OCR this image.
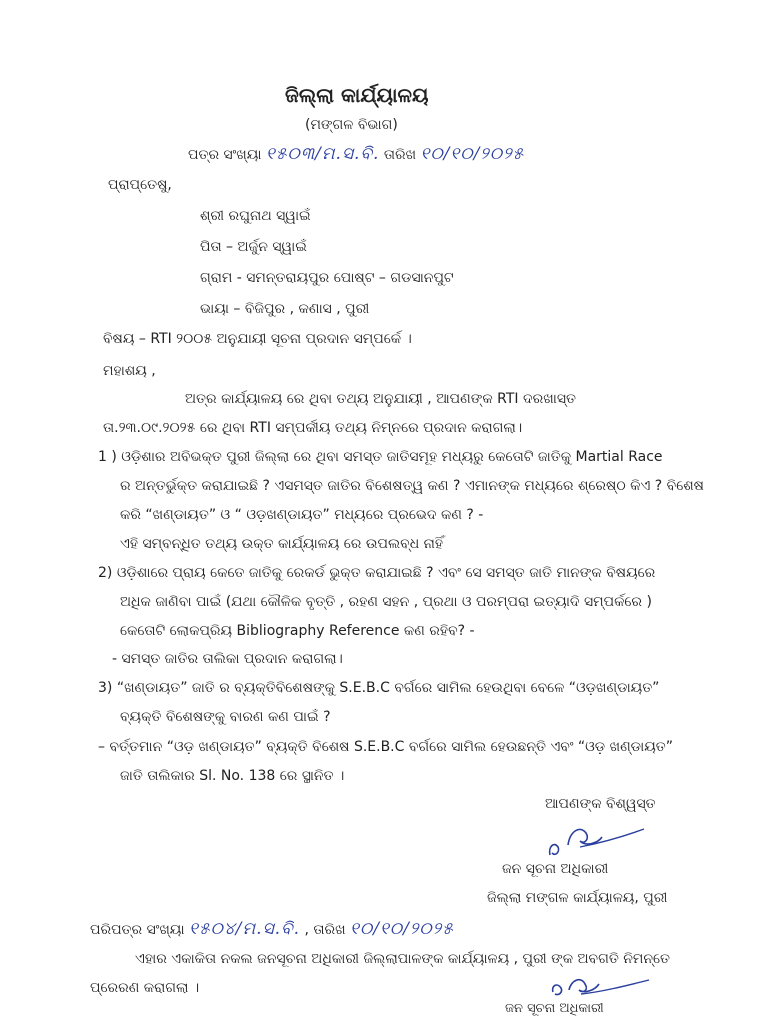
ଜିଲ୍ଲା କାର୍ଯ୍ୟାଳୟ
(ମଙ୍ଗଳ ବିଭାଗ)
ପତ୍ର ସଂଖ୍ୟା ୧୫୦୩/ମ.ସ.ବି. ତାରିଖ ୧୦/୧୦/୨୦୨୫
ପ୍ରାପ୍ତେଷୁ,
ଶ୍ରୀ ରଘୁନାଥ ସ୍ୱାଇଁ
ପିତା – ଅର୍ଜୁନ ସ୍ୱାଇଁ
ଗ୍ରାମ - ସମନ୍ତରାୟପୁର ପୋଷ୍ଟ – ଗଡସାନପୁଟ
ଭାୟା – ବିଜିପୁର , କଣାସ , ପୁରୀ
ବିଷୟ – RTI ୨୦୦୫ ଅନୁଯାୟୀ ସୂଚନା ପ୍ରଦାନ ସମ୍ପର୍କେ ।
ମହାଶୟ ,
ଅତ୍ର କାର୍ଯ୍ୟାଳୟ ରେ ଥିବା ତଥ୍ୟ ଅନୁଯାୟୀ , ଆପଣଙ୍କ RTI ଦରଖାସ୍ତ
ତା.୨୩.୦୯.୨୦୨୫ ରେ ଥିବା RTI ସମ୍ପର୍କୀୟ ତଥ୍ୟ ନିମ୍ନରେ ପ୍ରଦାନ କରାଗଲା।
1 ) ଓଡ଼ିଶାର ଅବିଭକ୍ତ ପୁରୀ ଜିଲ୍ଲା ରେ ଥିବା ସମସ୍ତ ଜାତିସମୂହ ମଧ୍ୟରୁ କେତୋଟି ଜାତିକୁ Martial Race
ର ଅନ୍ତର୍ଭୁକ୍ତ କରାଯାଇଛି ? ଏସମସ୍ତ ଜାତିର ବିଶେଷତ୍ୱ କଣ ? ଏମାନଙ୍କ ମଧ୍ୟରେ ଶ୍ରେଷ୍ଠ କିଏ ? ବିଶେଷ
କରି “ଖଣ୍ଡାୟତ” ଓ “ ଓଡ଼ଖଣ୍ଡାୟତ” ମଧ୍ୟରେ ପ୍ରଭେଦ କଣ ? -
ଏହି ସମ୍ବନ୍ଧିତ ତଥ୍ୟ ଉକ୍ତ କାର୍ଯ୍ୟାଳୟ ରେ ଉପଲବ୍ଧ ନାହିଁ
2) ଓଡ଼ିଶାରେ ପ୍ରାୟ କେତେ ଜାତିକୁ ରେକର୍ଡ ଭୁକ୍ତ କରାଯାଇଛି ? ଏବଂ ସେ ସମସ୍ତ ଜାତି ମାନଙ୍କ ବିଷୟରେ
ଅଧିକ ଜାଣିବା ପାଇଁ (ଯଥା କୌଳିକ ବୃତ୍ତି , ରହଣ ସହନ , ପ୍ରଥା ଓ ପରମ୍ପରା ଇତ୍ୟାଦି ସମ୍ପର୍କରେ )
କେତୋଟି ଲୋକପ୍ରିୟ Bibliography Reference କଣ ରହିବ? -
- ସମସ୍ତ ଜାତିର ତାଲିକା ପ୍ରଦାନ କରାଗଲା।
3) “ଖଣ୍ଡାୟତ” ଜାତି ର ବ୍ୟକ୍ତିବିଶେଷଙ୍କୁ S.E.B.C ବର୍ଗରେ ସାମିଲ ହେଉଥିବା ବେଳେ “ଓଡ଼ଖଣ୍ଡାୟତ”
ବ୍ୟକ୍ତି ବିଶେଷଙ୍କୁ ବାରଣ କଣ ପାଇଁ ?
– ବର୍ତ୍ତମାନ “ଓଡ଼ ଖଣ୍ଡାୟତ” ବ୍ୟକ୍ତି ବିଶେଷ S.E.B.C ବର୍ଗରେ ସାମିଲ ହେଉଛନ୍ତି ଏବଂ “ଓଡ଼ ଖଣ୍ଡାୟତ”
ଜାତି ତାଲିକାର Sl. No. 138 ରେ ସ୍ଥାନିତ ।
ଆପଣଙ୍କ ବିଶ୍ୱସ୍ତ
ଜନ ସୂଚନା ଅଧିକାରୀ
ଜିଲ୍ଲା ମଙ୍ଗଳ କାର୍ଯ୍ୟାଳୟ, ପୁରୀ
ପରିପତ୍ର ସଂଖ୍ୟା ୧୫୦୪/ମ.ସ.ବି. , ତାରିଖ ୧୦/୧୦/୨୦୨୫
ଏହାର ଏକାକିତା ନକଲ ଜନସୂଚନା ଅଧିକାରୀ ଜିଲ୍ଲାପାଳଙ୍କ କାର୍ଯ୍ୟାଳୟ , ପୁରୀ ଙ୍କ ଅବଗତି ନିମନ୍ତେ
ପ୍ରେରଣ କରାଗଲା ।
ଜନ ସୂଚନା ଅଧିକାରୀ
